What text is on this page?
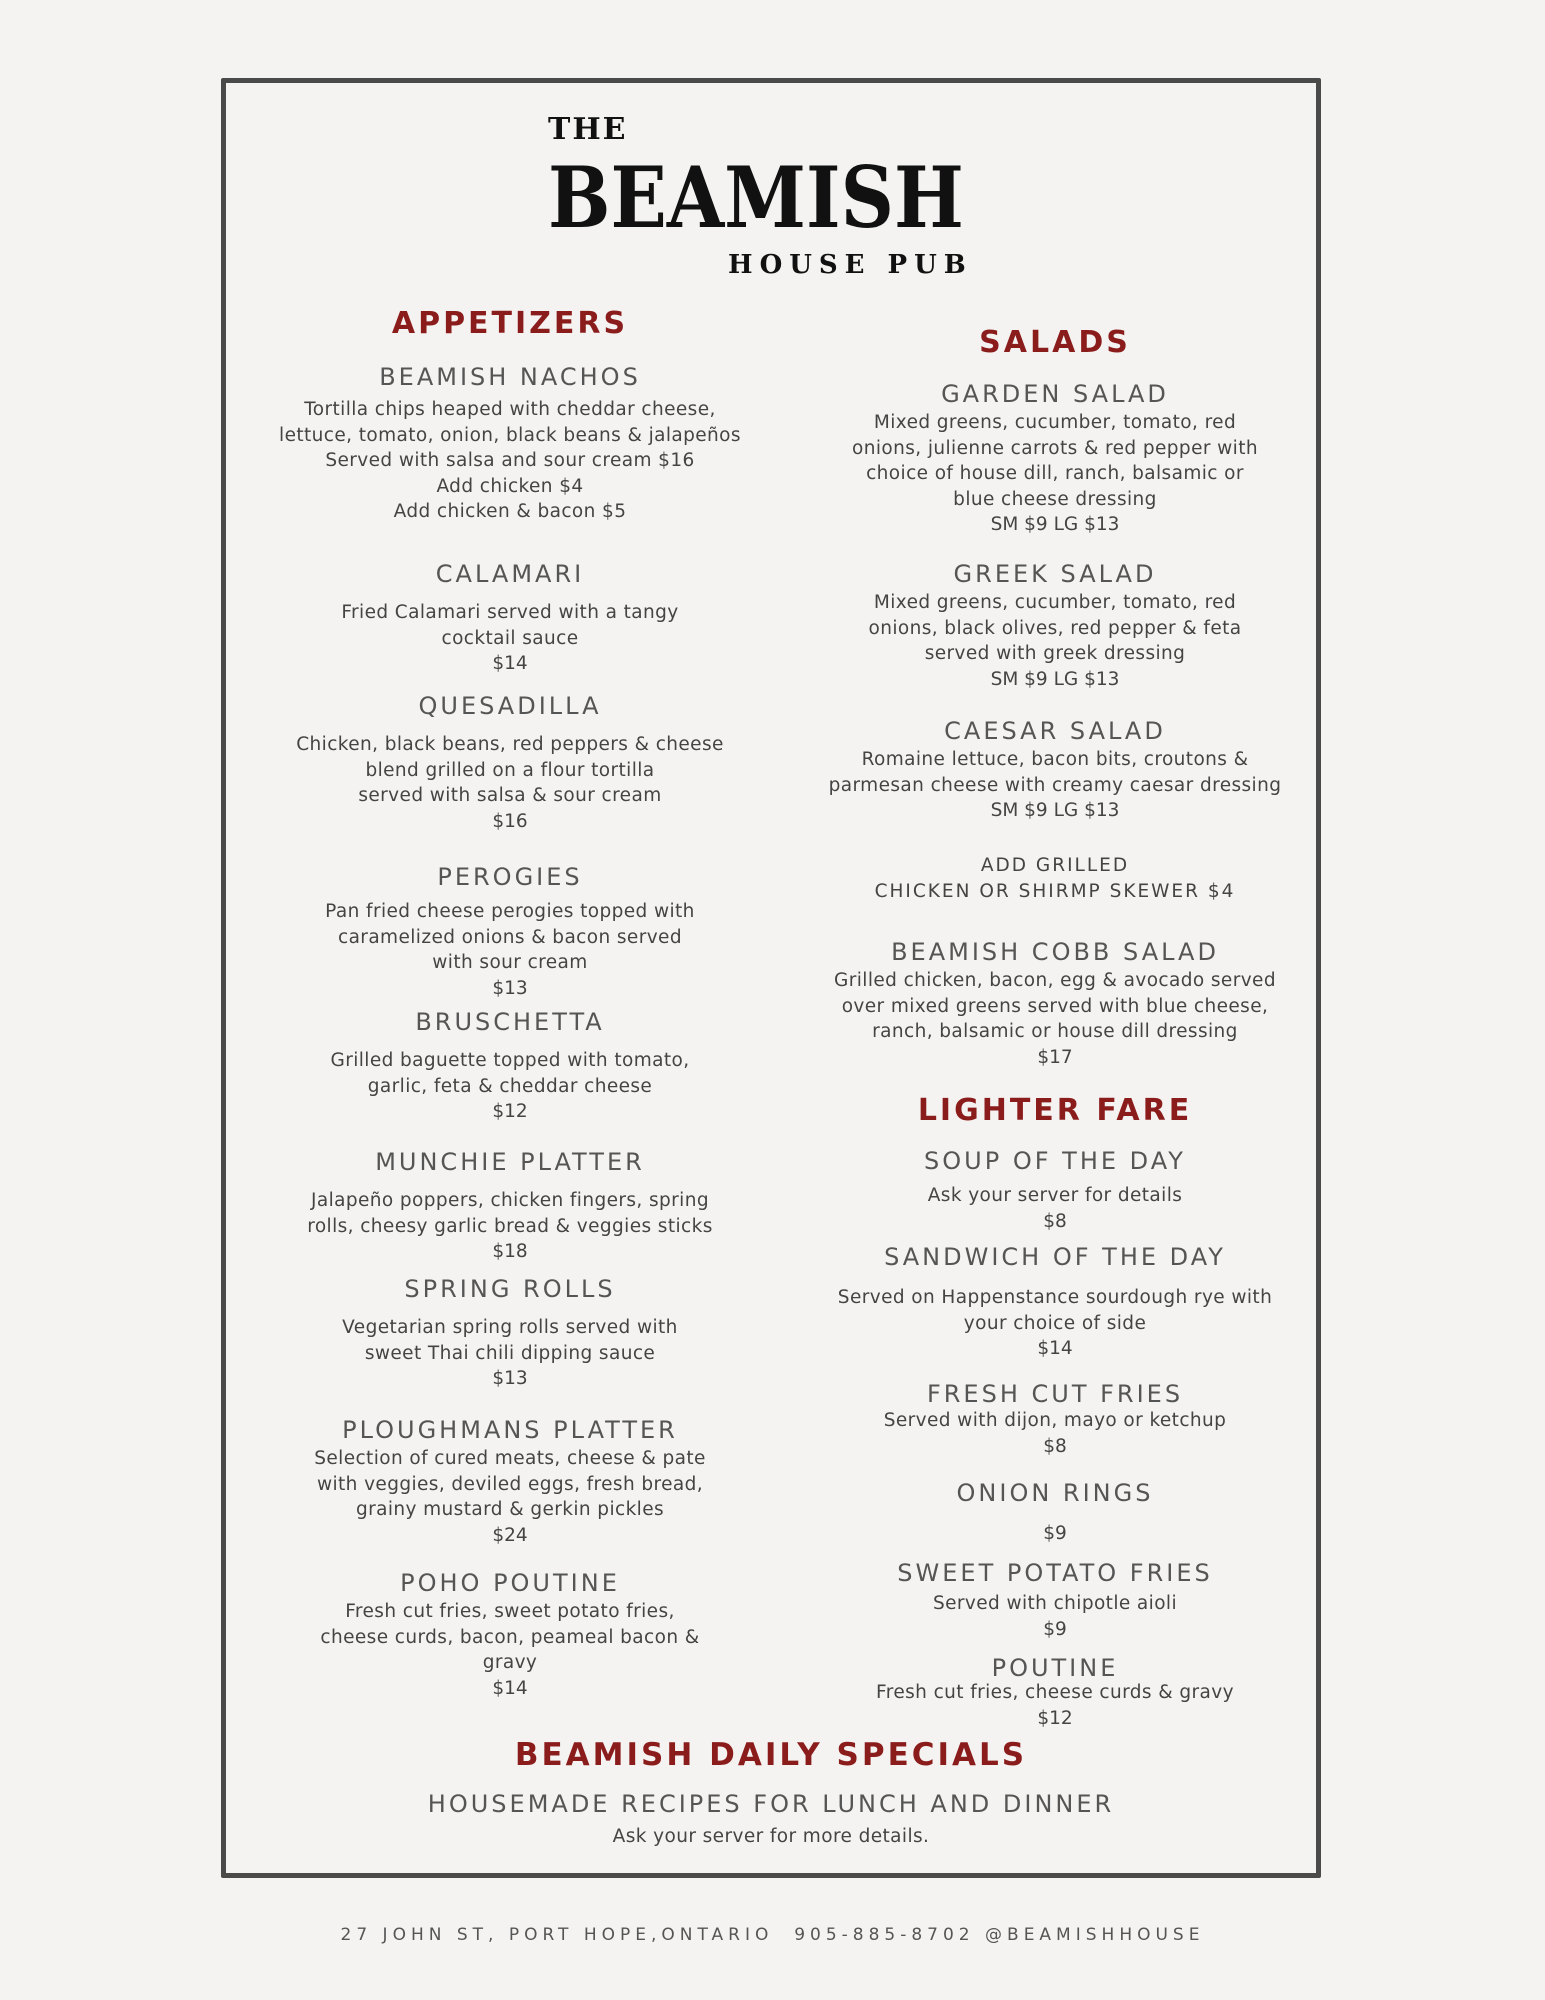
THE
BEAMISH
HOUSE PUB
APPETIZERS
BEAMISH NACHOS
Tortilla chips heaped with cheddar cheese,
lettuce, tomato, onion, black beans & jalapeños
Served with salsa and sour cream $16
Add chicken $4
Add chicken & bacon $5
CALAMARI
Fried Calamari served with a tangy
cocktail sauce
$14
QUESADILLA
Chicken, black beans, red peppers & cheese
blend grilled on a flour tortilla
served with salsa & sour cream
$16
PEROGIES
Pan fried cheese perogies topped with
caramelized onions & bacon served
with sour cream
$13
BRUSCHETTA
Grilled baguette topped with tomato,
garlic, feta & cheddar cheese
$12
MUNCHIE PLATTER
Jalapeño poppers, chicken fingers, spring
rolls, cheesy garlic bread & veggies sticks
$18
SPRING ROLLS
Vegetarian spring rolls served with
sweet Thai chili dipping sauce
$13
PLOUGHMANS PLATTER
Selection of cured meats, cheese & pate
with veggies, deviled eggs, fresh bread,
grainy mustard & gerkin pickles
$24
POHO POUTINE
Fresh cut fries, sweet potato fries,
cheese curds, bacon, peameal bacon &
gravy
$14
SALADS
GARDEN SALAD
Mixed greens, cucumber, tomato, red
onions, julienne carrots & red pepper with
choice of house dill, ranch, balsamic or
blue cheese dressing
SM $9 LG $13
GREEK SALAD
Mixed greens, cucumber, tomato, red
onions, black olives, red pepper & feta
served with greek dressing
SM $9 LG $13
CAESAR SALAD
Romaine lettuce, bacon bits, croutons &
parmesan cheese with creamy caesar dressing
SM $9 LG $13
ADD GRILLED
CHICKEN OR SHIRMP SKEWER $4
BEAMISH COBB SALAD
Grilled chicken, bacon, egg & avocado served
over mixed greens served with blue cheese,
ranch, balsamic or house dill dressing
$17
LIGHTER FARE
SOUP OF THE DAY
Ask your server for details
$8
SANDWICH OF THE DAY
Served on Happenstance sourdough rye with
your choice of side
$14
FRESH CUT FRIES
Served with dijon, mayo or ketchup
$8
ONION RINGS
$9
SWEET POTATO FRIES
Served with chipotle aioli
$9
POUTINE
Fresh cut fries, cheese curds & gravy
$12
BEAMISH DAILY SPECIALS
HOUSEMADE RECIPES FOR LUNCH AND DINNER
Ask your server for more details.
27 JOHN ST, PORT HOPE,ONTARIO  905-885-8702 @BEAMISHHOUSE
